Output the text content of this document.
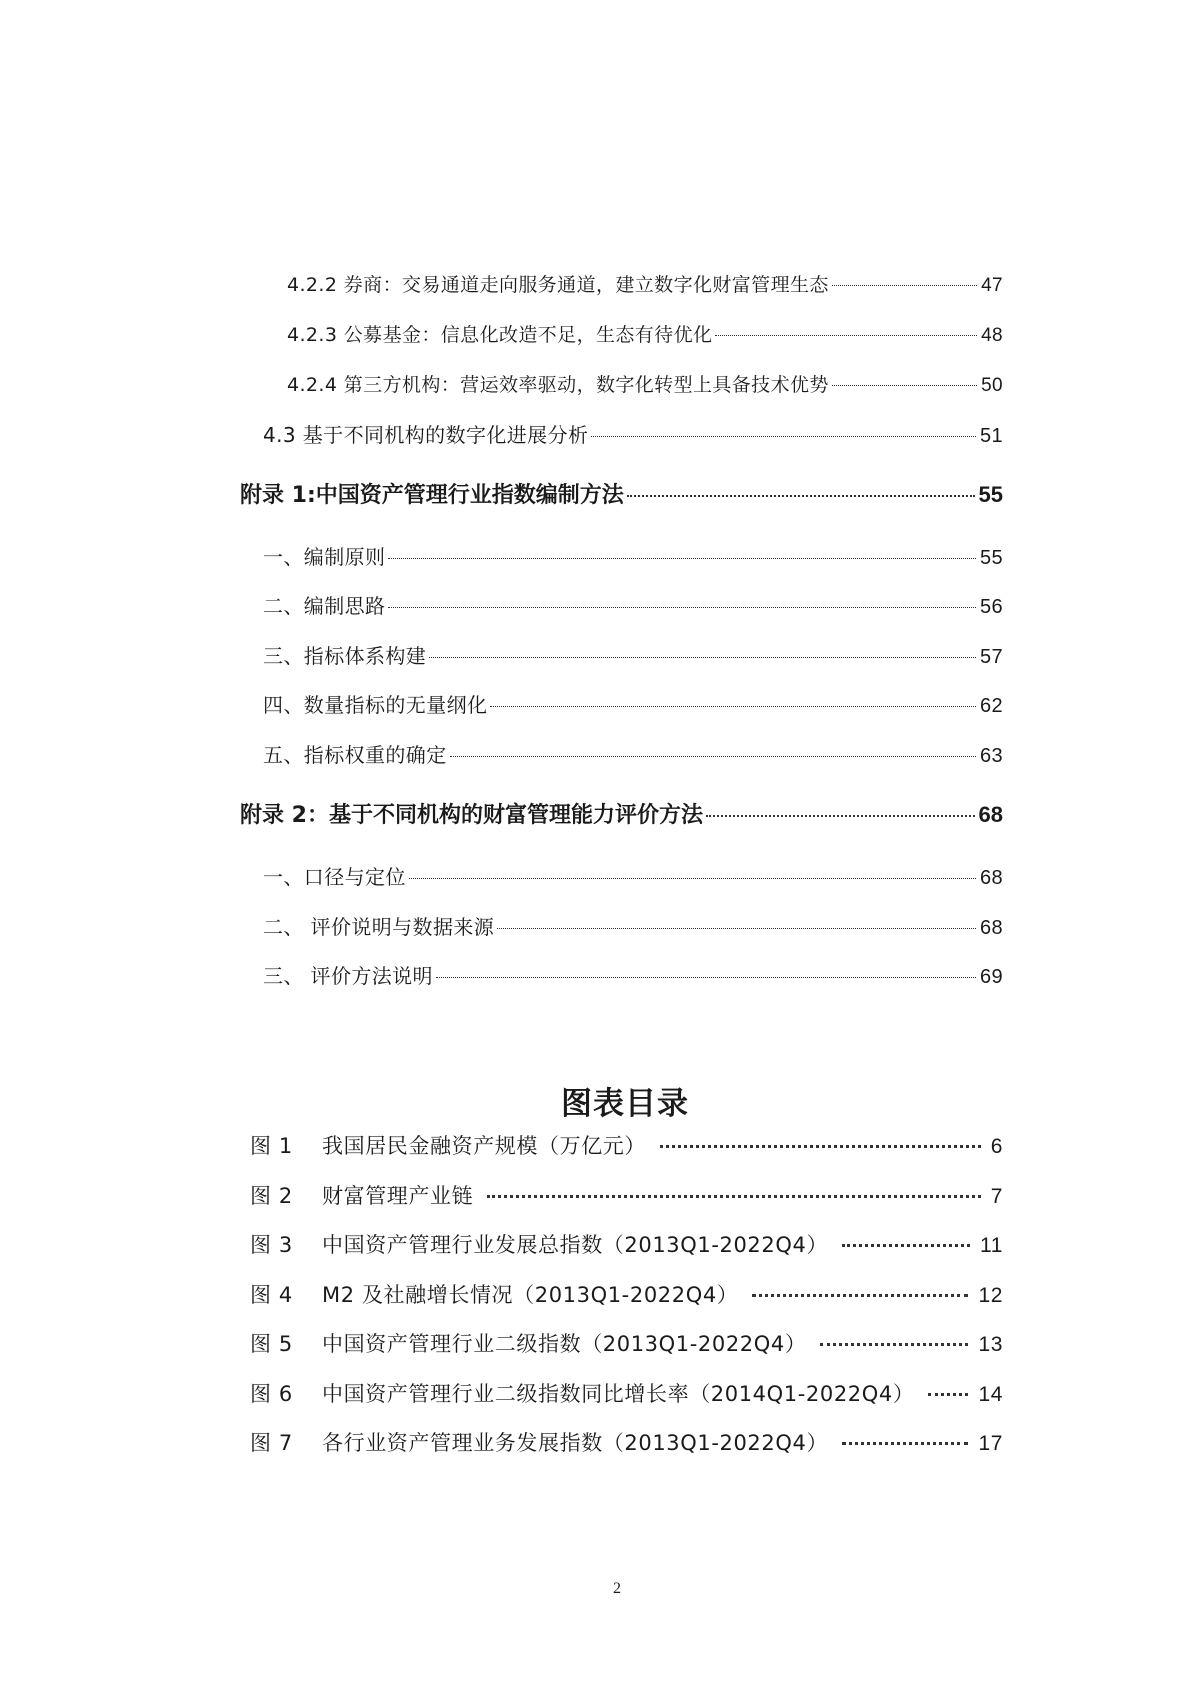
4.2.2 券商：交易通道走向服务通道，建立数字化财富管理生态	47
4.2.3 公募基金：信息化改造不足，生态有待优化	48
4.2.4 第三方机构：营运效率驱动，数字化转型上具备技术优势	50
4.3 基于不同机构的数字化进展分析	51
附录 1:中国资产管理行业指数编制方法	55
一、编制原则	55
二、编制思路	56
三、指标体系构建	57
四、数量指标的无量纲化	62
五、指标权重的确定	63
附录 2：基于不同机构的财富管理能力评价方法	68
一、口径与定位	68
二、 评价说明与数据来源	68
三、 评价方法说明	69
图表目录
图 1	我国居民金融资产规模（万亿元）	6
图 2	财富管理产业链	7
图 3	中国资产管理行业发展总指数（2013Q1-2022Q4）	11
图 4	M2 及社融增长情况（2013Q1-2022Q4）	12
图 5	中国资产管理行业二级指数（2013Q1-2022Q4）	13
图 6	中国资产管理行业二级指数同比增长率（2014Q1-2022Q4）	14
图 7	各行业资产管理业务发展指数（2013Q1-2022Q4）	17
2
